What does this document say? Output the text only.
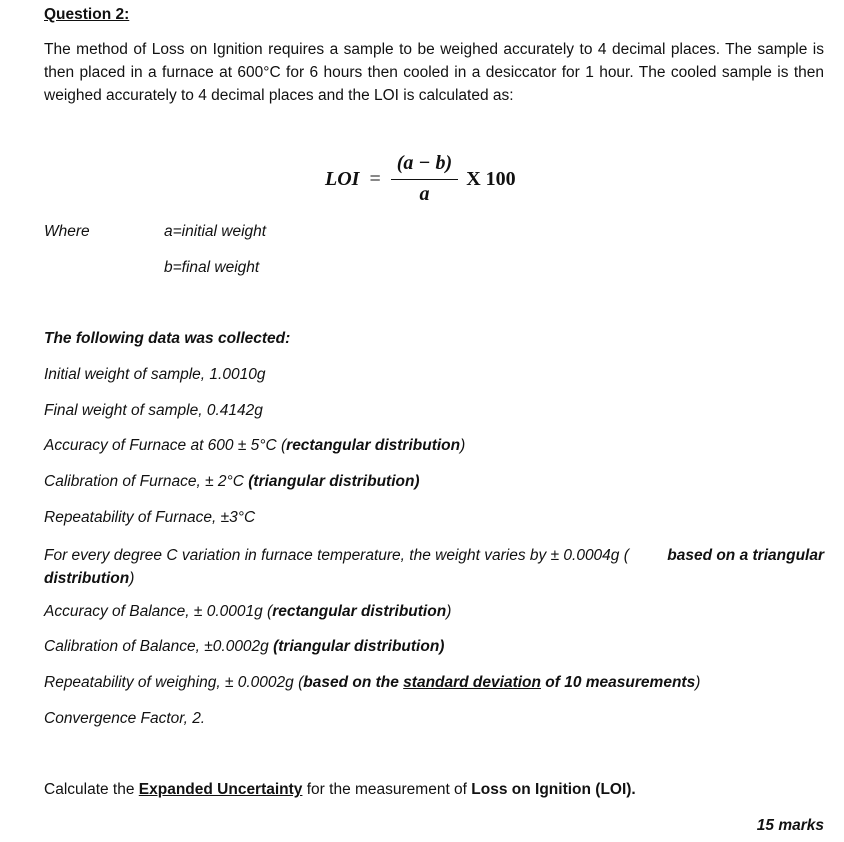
Question 2:
The method of Loss on Ignition requires a sample to be weighed accurately to 4 decimal places. The sample is then placed in a furnace at 600°C for 6 hours then cooled in a desiccator for 1 hour. The cooled sample is then weighed accurately to 4 decimal places and the LOI is calculated as:
LOI = $\frac{(a - b)}{a}$ X 100
Where	a=initial weight
b=final weight
The following data was collected:
Initial weight of sample, 1.0010g
Final weight of sample, 0.4142g
Accuracy of Furnace at 600 ± 5°C (rectangular distribution)
Calibration of Furnace, ± 2°C (triangular distribution)
Repeatability of Furnace, ±3°C
For every degree C variation in furnace temperature, the weight varies by ± 0.0004g ( based on a triangular
distribution)
Accuracy of Balance, ± 0.0001g (rectangular distribution)
Calibration of Balance, ±0.0002g (triangular distribution)
Repeatability of weighing, ± 0.0002g (based on the standard deviation of 10 measurements)
Convergence Factor, 2.
Calculate the Expanded Uncertainty for the measurement of Loss on Ignition (LOI).
15 marks
